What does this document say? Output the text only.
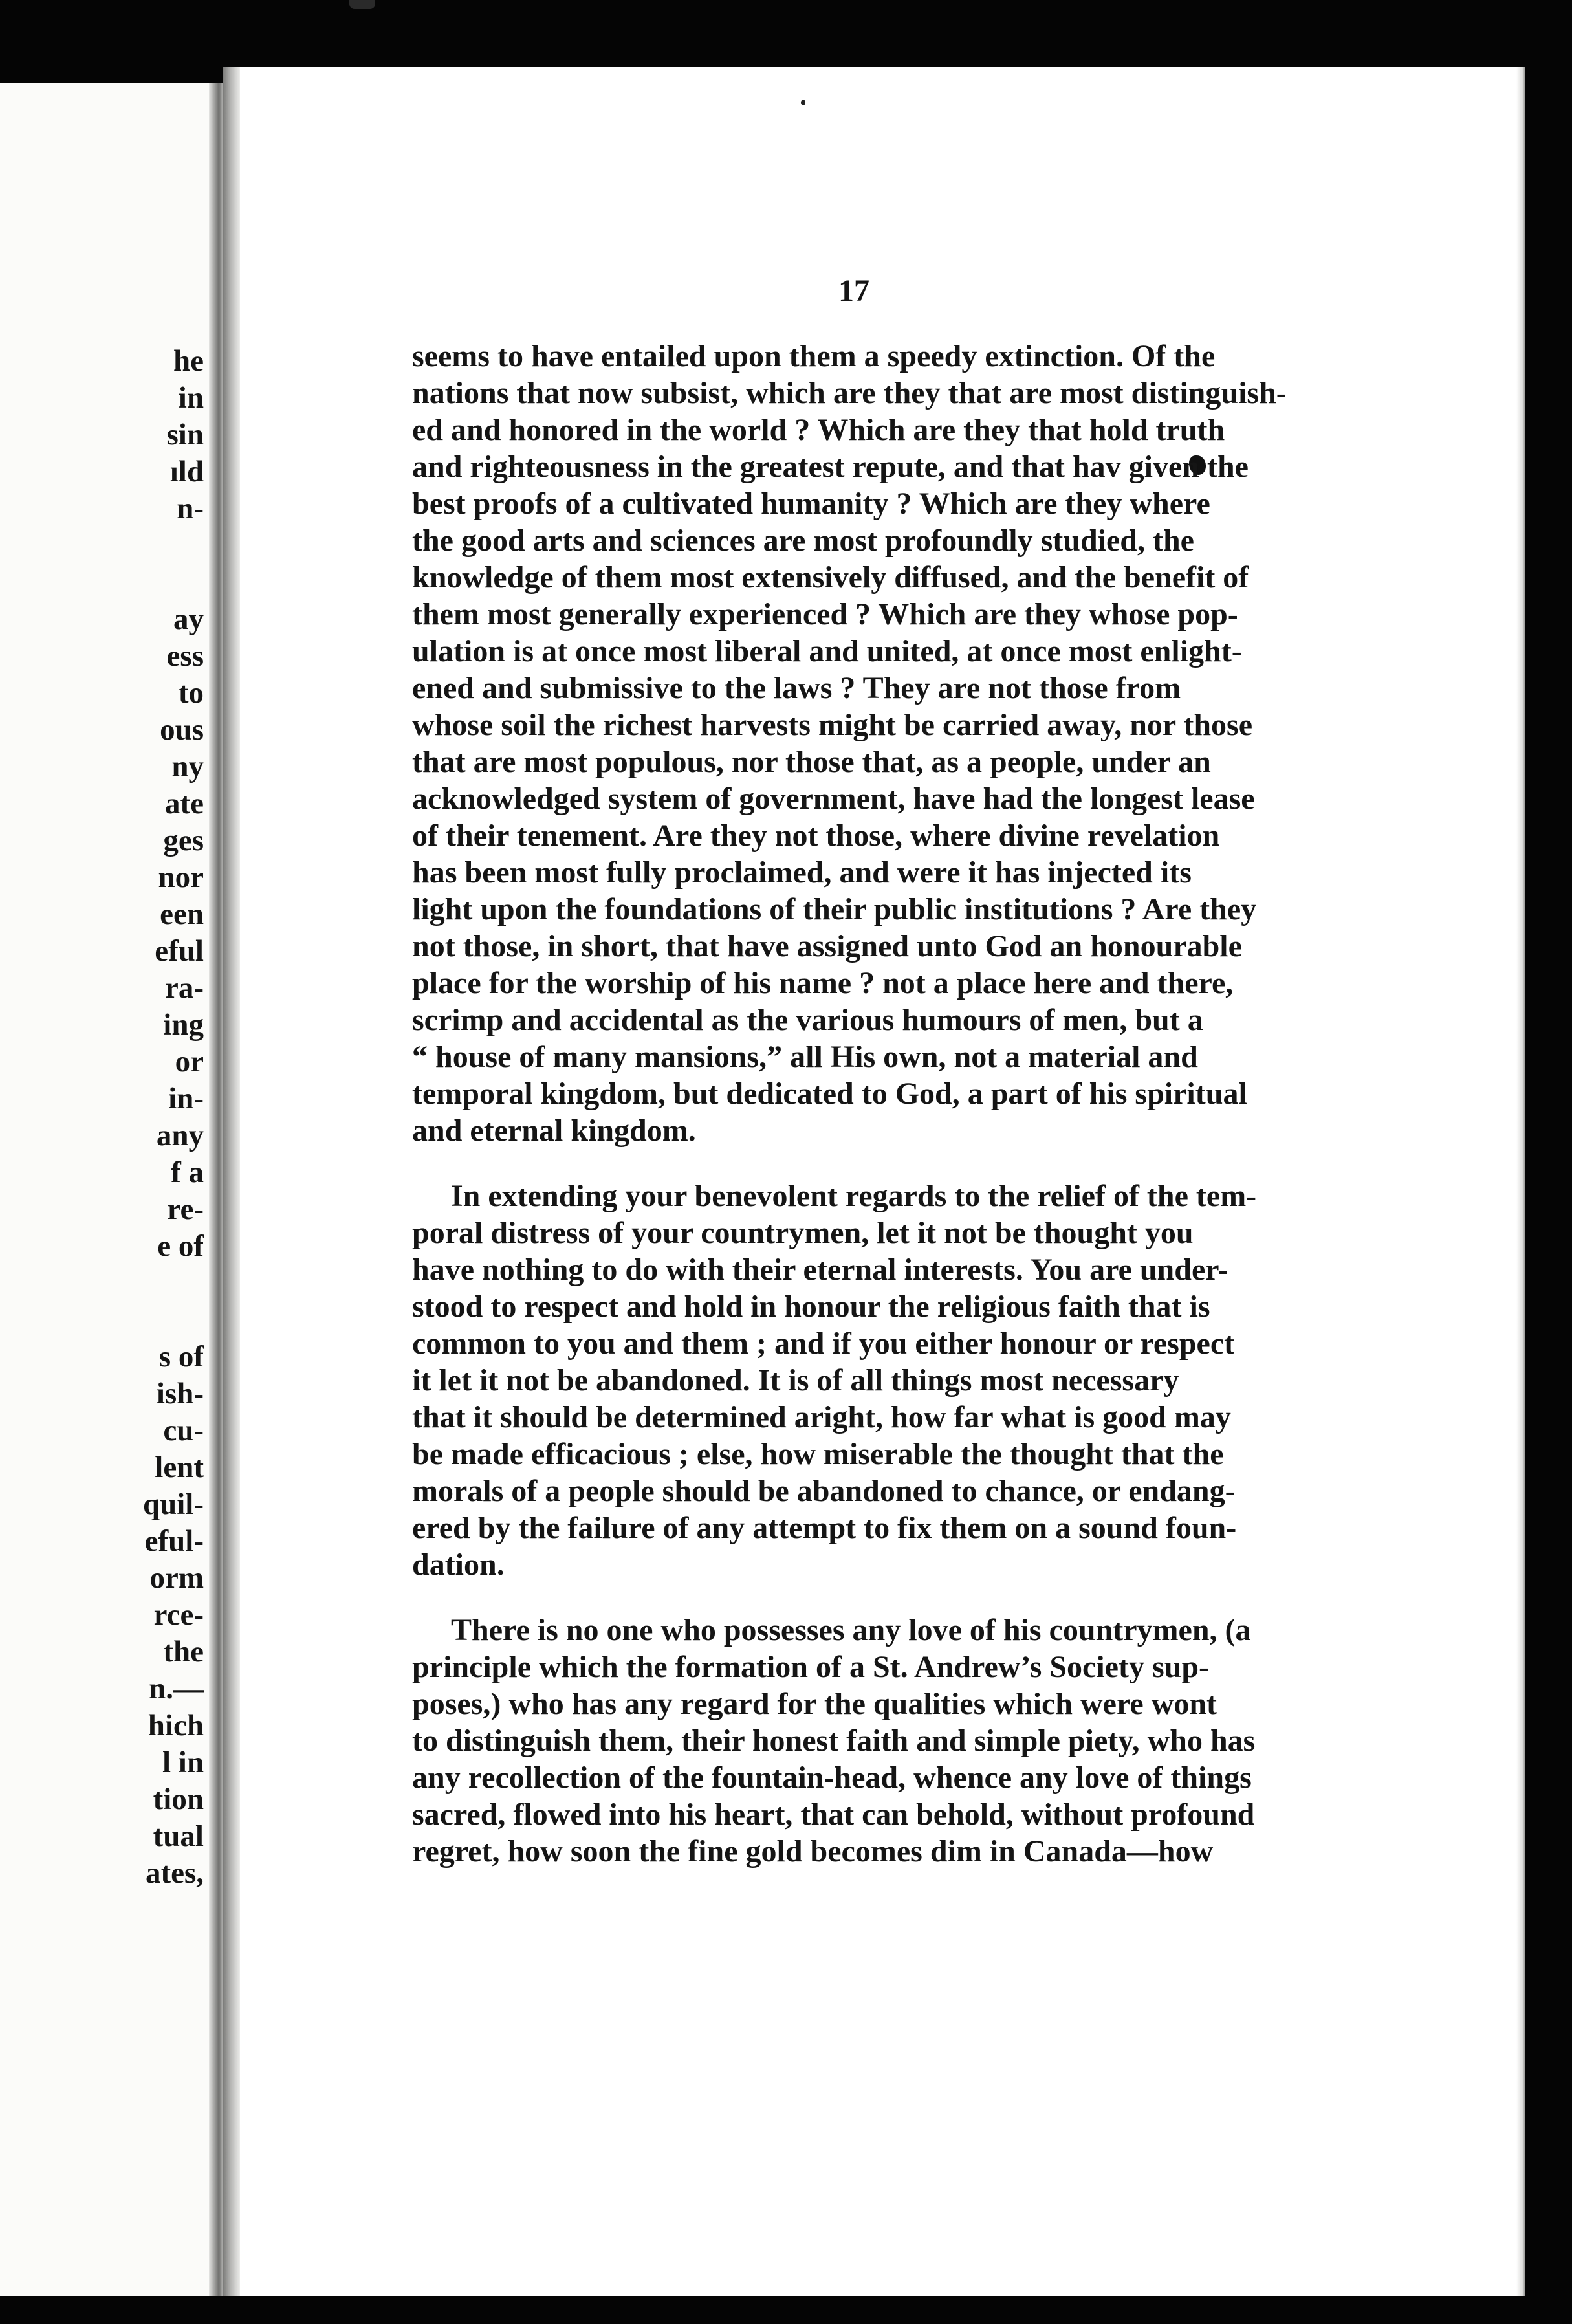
he
in
sin
ıld
n-
ay
ess
to
ous
ny
ate
ges
nor
een
eful
ra-
ing
or
in-
any
f a
re-
e of
s of
ish-
cu-
lent
quil-
eful-
orm
rce-
the
n.—
hich
l in
tion
tual
ates,
17
seems to have entailed upon them a speedy extinction. Of the
nations that now subsist, which are they that are most distinguish-
ed and honored in the world ? Which are they that hold truth
and righteousness in the greatest repute, and that hav given the
best proofs of a cultivated humanity ? Which are they where
the good arts and sciences are most profoundly studied, the
knowledge of them most extensively diffused, and the benefit of
them most generally experienced ? Which are they whose pop-
ulation is at once most liberal and united, at once most enlight-
ened and submissive to the laws ? They are not those from
whose soil the richest harvests might be carried away, nor those
that are most populous, nor those that, as a people, under an
acknowledged system of government, have had the longest lease
of their tenement. Are they not those, where divine revelation
has been most fully proclaimed, and were it has injected its
light upon the foundations of their public institutions ? Are they
not those, in short, that have assigned unto God an honourable
place for the worship of his name ? not a place here and there,
scrimp and accidental as the various humours of men, but a
“ house of many mansions,” all His own, not a material and
temporal kingdom, but dedicated to God, a part of his spiritual
and eternal kingdom.
In extending your benevolent regards to the relief of the tem-
poral distress of your countrymen, let it not be thought you
have nothing to do with their eternal interests. You are under-
stood to respect and hold in honour the religious faith that is
common to you and them ; and if you either honour or respect
it let it not be abandoned. It is of all things most necessary
that it should be determined aright, how far what is good may
be made efficacious ; else, how miserable the thought that the
morals of a people should be abandoned to chance, or endang-
ered by the failure of any attempt to fix them on a sound foun-
dation.
There is no one who possesses any love of his countrymen, (a
principle which the formation of a St. Andrew’s Society sup-
poses,) who has any regard for the qualities which were wont
to distinguish them, their honest faith and simple piety, who has
any recollection of the fountain-head, whence any love of things
sacred, flowed into his heart, that can behold, without profound
regret, how soon the fine gold becomes dim in Canada—how
